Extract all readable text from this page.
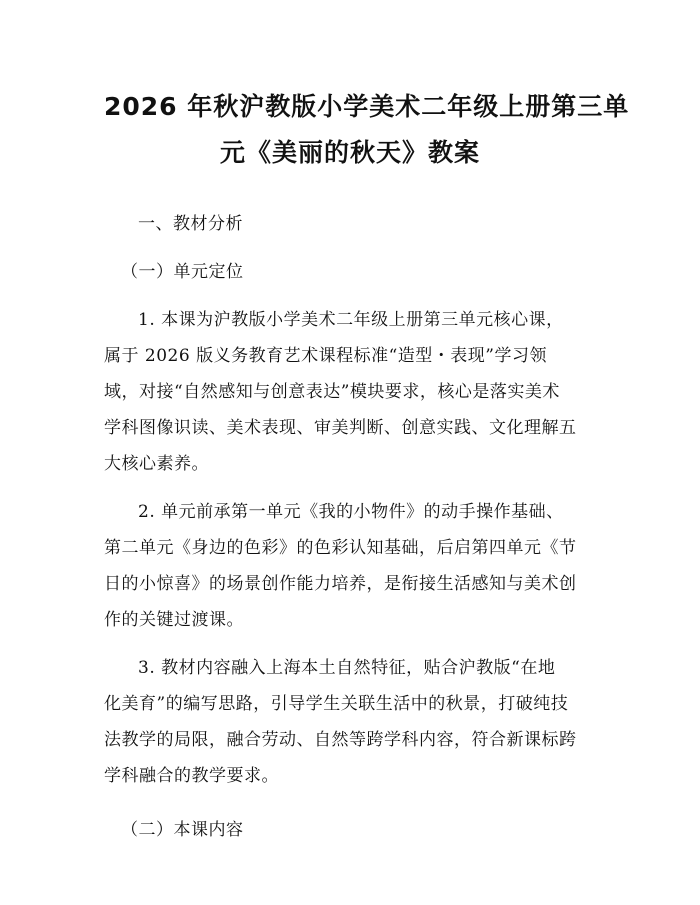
2026 年秋沪教版小学美术二年级上册第三单
元《美丽的秋天》教案

一、教材分析

（一）单元定位

1. 本课为沪教版小学美术二年级上册第三单元核心课，
属于 2026 版义务教育艺术课程标准“造型・表现”学习领
域，对接“自然感知与创意表达”模块要求，核心是落实美术
学科图像识读、美术表现、审美判断、创意实践、文化理解五
大核心素养。

2. 单元前承第一单元《我的小物件》的动手操作基础、
第二单元《身边的色彩》的色彩认知基础，后启第四单元《节
日的小惊喜》的场景创作能力培养，是衔接生活感知与美术创
作的关键过渡课。

3. 教材内容融入上海本土自然特征，贴合沪教版“在地
化美育”的编写思路，引导学生关联生活中的秋景，打破纯技
法教学的局限，融合劳动、自然等跨学科内容，符合新课标跨
学科融合的教学要求。

（二）本课内容
